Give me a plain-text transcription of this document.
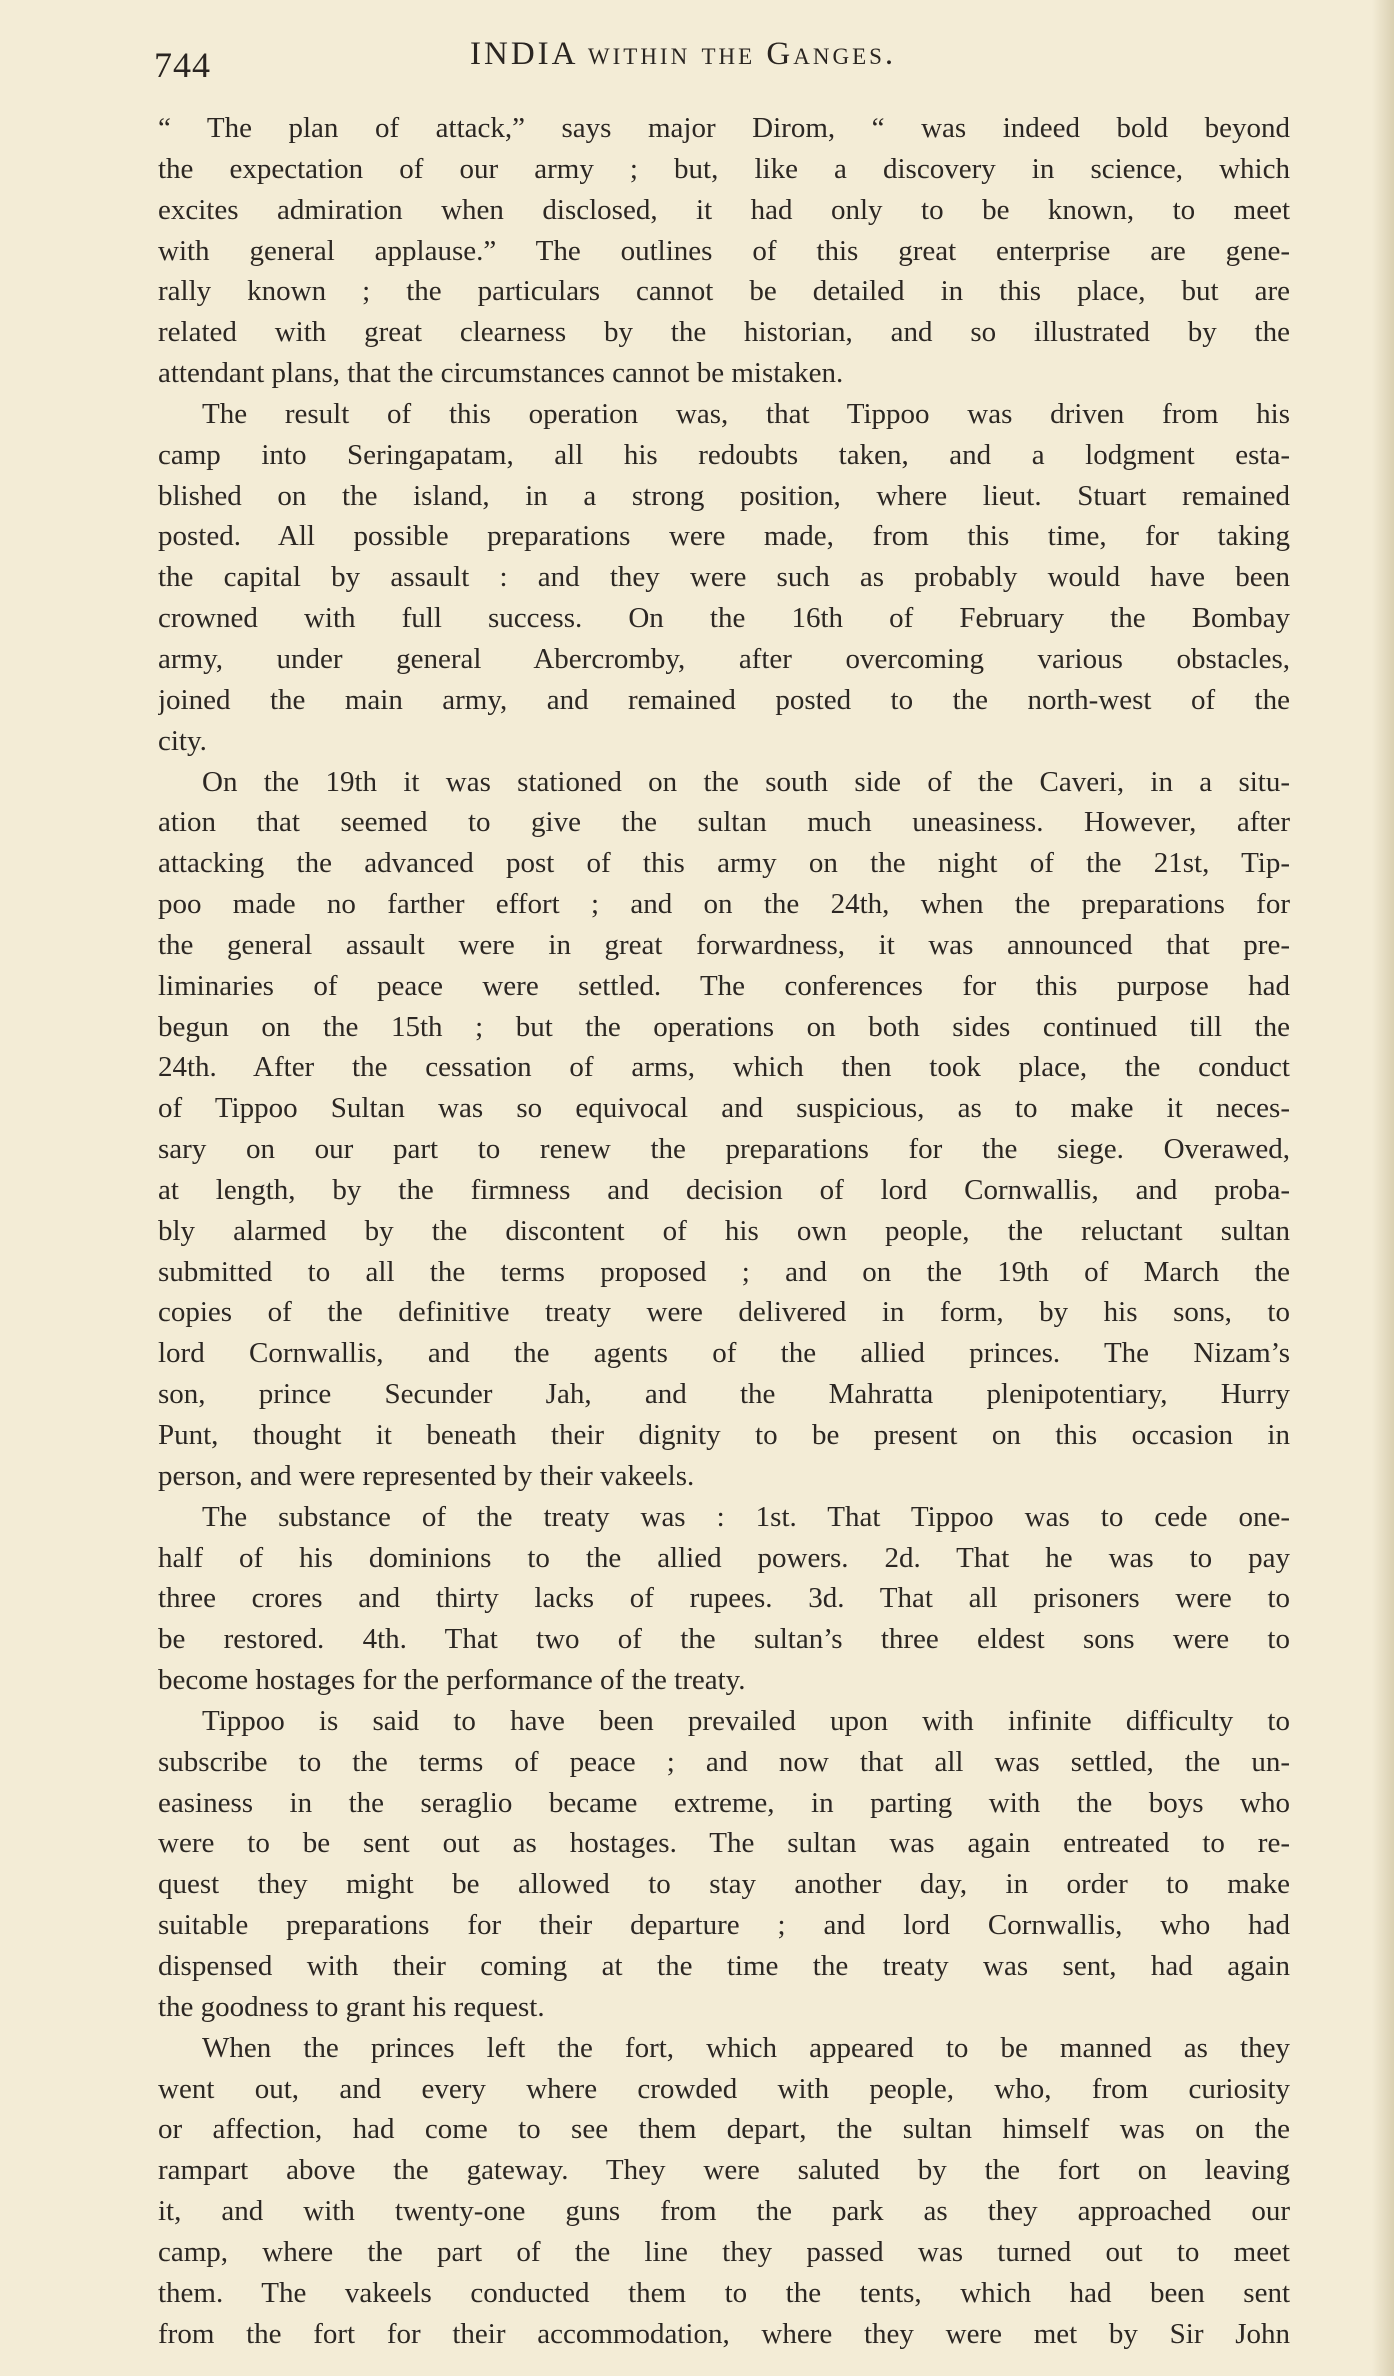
744	INDIA within the Ganges.
“ The plan of attack,” says major Dirom, “ was indeed bold beyond
the expectation of our army ; but, like a discovery in science, which
excites admiration when disclosed, it had only to be known, to meet
with general applause.” The outlines of this great enterprise are gene-
rally known ; the particulars cannot be detailed in this place, but are
related with great clearness by the historian, and so illustrated by the
attendant plans, that the circumstances cannot be mistaken.
The result of this operation was, that Tippoo was driven from his
camp into Seringapatam, all his redoubts taken, and a lodgment esta-
blished on the island, in a strong position, where lieut. Stuart remained
posted. All possible preparations were made, from this time, for taking
the capital by assault : and they were such as probably would have been
crowned with full success. On the 16th of February the Bombay
army, under general Abercromby, after overcoming various obstacles,
joined the main army, and remained posted to the north-west of the
city.
On the 19th it was stationed on the south side of the Caveri, in a situ-
ation that seemed to give the sultan much uneasiness. However, after
attacking the advanced post of this army on the night of the 21st, Tip-
poo made no farther effort ; and on the 24th, when the preparations for
the general assault were in great forwardness, it was announced that pre-
liminaries of peace were settled. The conferences for this purpose had
begun on the 15th ; but the operations on both sides continued till the
24th. After the cessation of arms, which then took place, the conduct
of Tippoo Sultan was so equivocal and suspicious, as to make it neces-
sary on our part to renew the preparations for the siege. Overawed,
at length, by the firmness and decision of lord Cornwallis, and proba-
bly alarmed by the discontent of his own people, the reluctant sultan
submitted to all the terms proposed ; and on the 19th of March the
copies of the definitive treaty were delivered in form, by his sons, to
lord Cornwallis, and the agents of the allied princes. The Nizam’s
son, prince Secunder Jah, and the Mahratta plenipotentiary, Hurry
Punt, thought it beneath their dignity to be present on this occasion in
person, and were represented by their vakeels.
The substance of the treaty was : 1st. That Tippoo was to cede one-
half of his dominions to the allied powers. 2d. That he was to pay
three crores and thirty lacks of rupees. 3d. That all prisoners were to
be restored. 4th. That two of the sultan’s three eldest sons were to
become hostages for the performance of the treaty.
Tippoo is said to have been prevailed upon with infinite difficulty to
subscribe to the terms of peace ; and now that all was settled, the un-
easiness in the seraglio became extreme, in parting with the boys who
were to be sent out as hostages. The sultan was again entreated to re-
quest they might be allowed to stay another day, in order to make
suitable preparations for their departure ; and lord Cornwallis, who had
dispensed with their coming at the time the treaty was sent, had again
the goodness to grant his request.
When the princes left the fort, which appeared to be manned as they
went out, and every where crowded with people, who, from curiosity
or affection, had come to see them depart, the sultan himself was on the
rampart above the gateway. They were saluted by the fort on leaving
it, and with twenty-one guns from the park as they approached our
camp, where the part of the line they passed was turned out to meet
them. The vakeels conducted them to the tents, which had been sent
from the fort for their accommodation, where they were met by Sir John
